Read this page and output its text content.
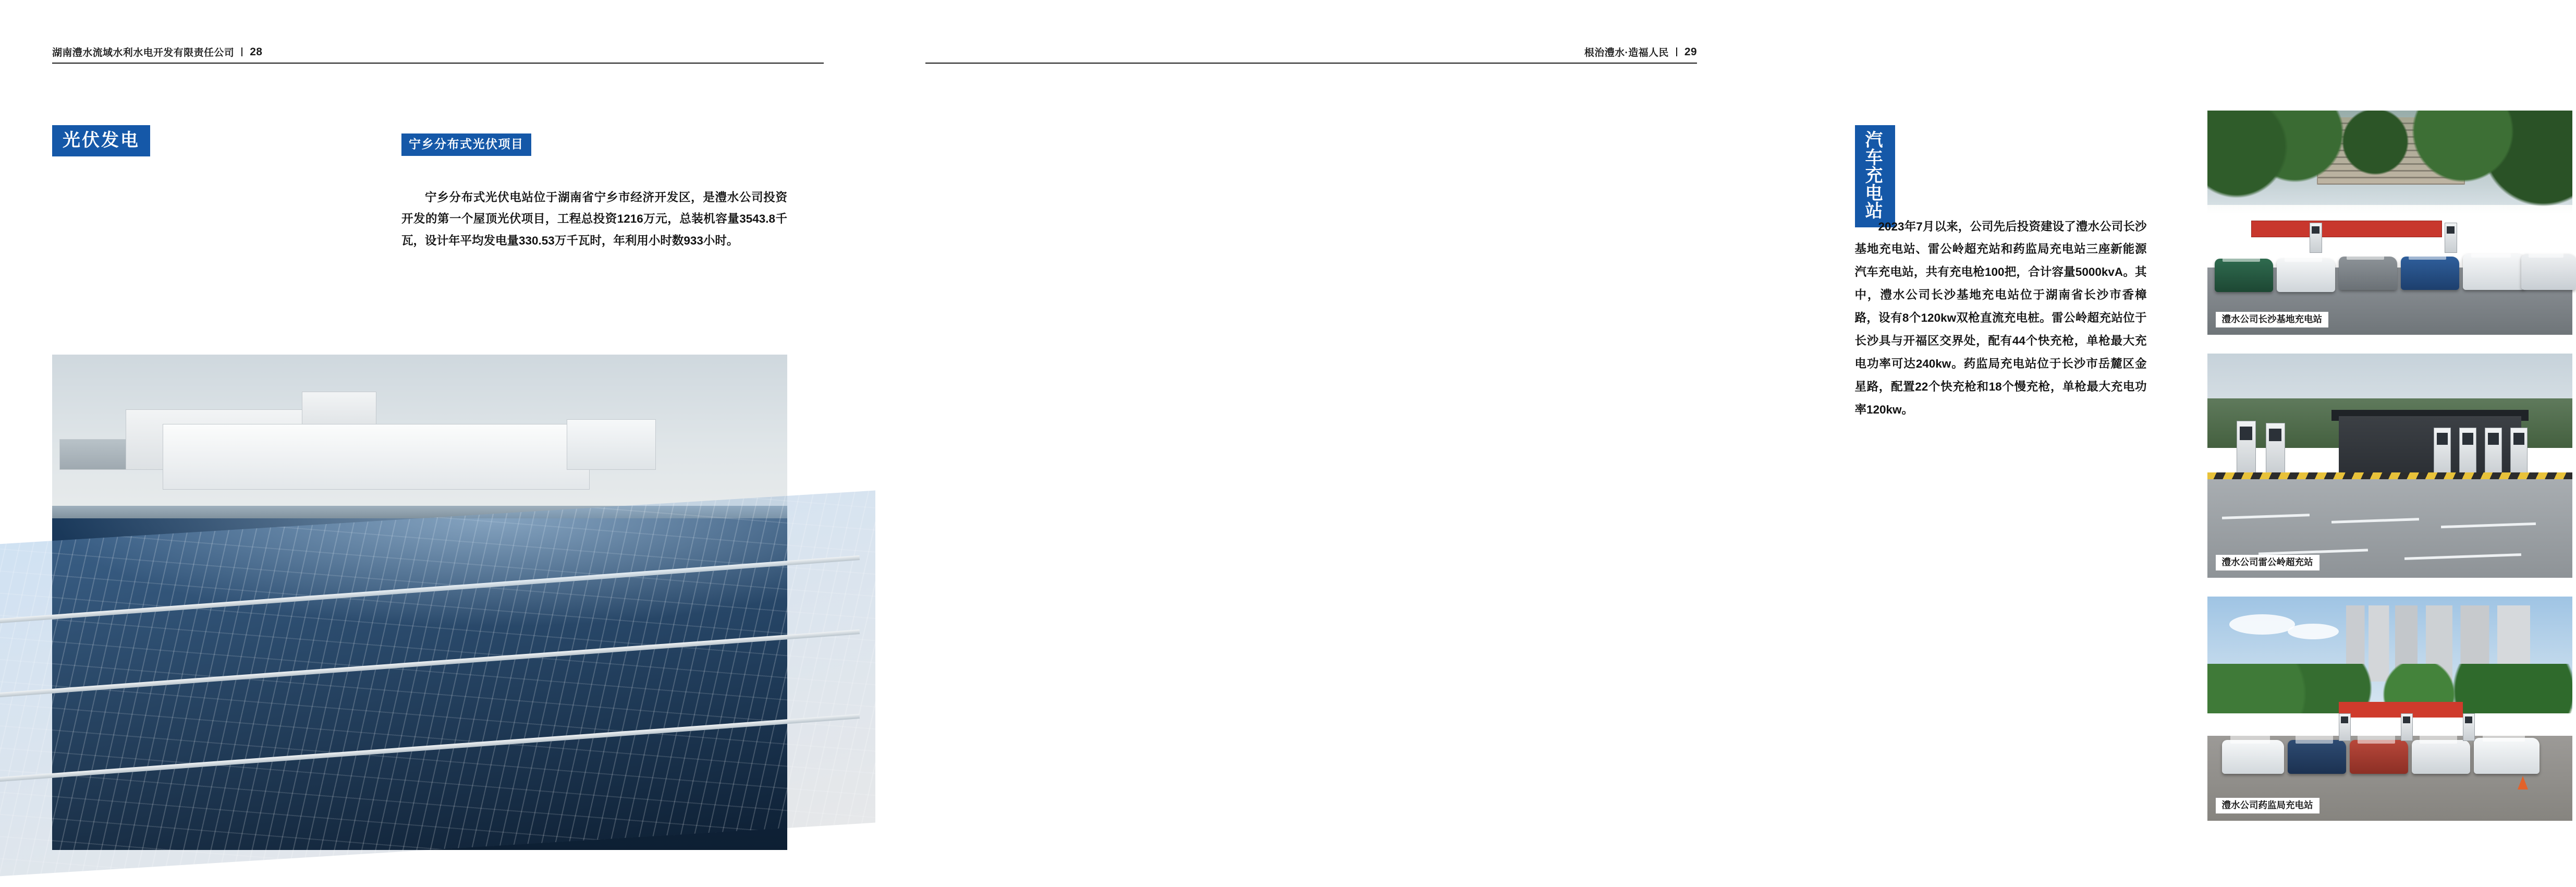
湖南澧水流域水利水电开发有限责任公司 28
光伏发电	宁乡分布式光伏项目

宁乡分布式光伏电站位于湖南省宁乡市经济开发区，是澧水公司投资开发的第一个屋顶光伏项目，工程总投资1216万元，总装机容量3543.8千瓦，设计年平均发电量330.53万千瓦时，年利用小时数933小时。

根治澧水·造福人民 29
汽车充电站

2023年7月以来，公司先后投资建设了澧水公司长沙基地充电站、雷公岭超充站和药监局充电站三座新能源汽车充电站，共有充电枪100把，合计容量5000kvA。其中，澧水公司长沙基地充电站位于湖南省长沙市香樟路，设有8个120kw双枪直流充电桩。雷公岭超充站位于长沙具与开福区交界处，配有44个快充枪，单枪最大充电功率可达240kw。药监局充电站位于长沙市岳麓区金星路，配置22个快充枪和18个慢充枪，单枪最大充电功率120kw。

澧水公司长沙基地充电站
澧水公司雷公岭超充站
澧水公司药监局充电站
